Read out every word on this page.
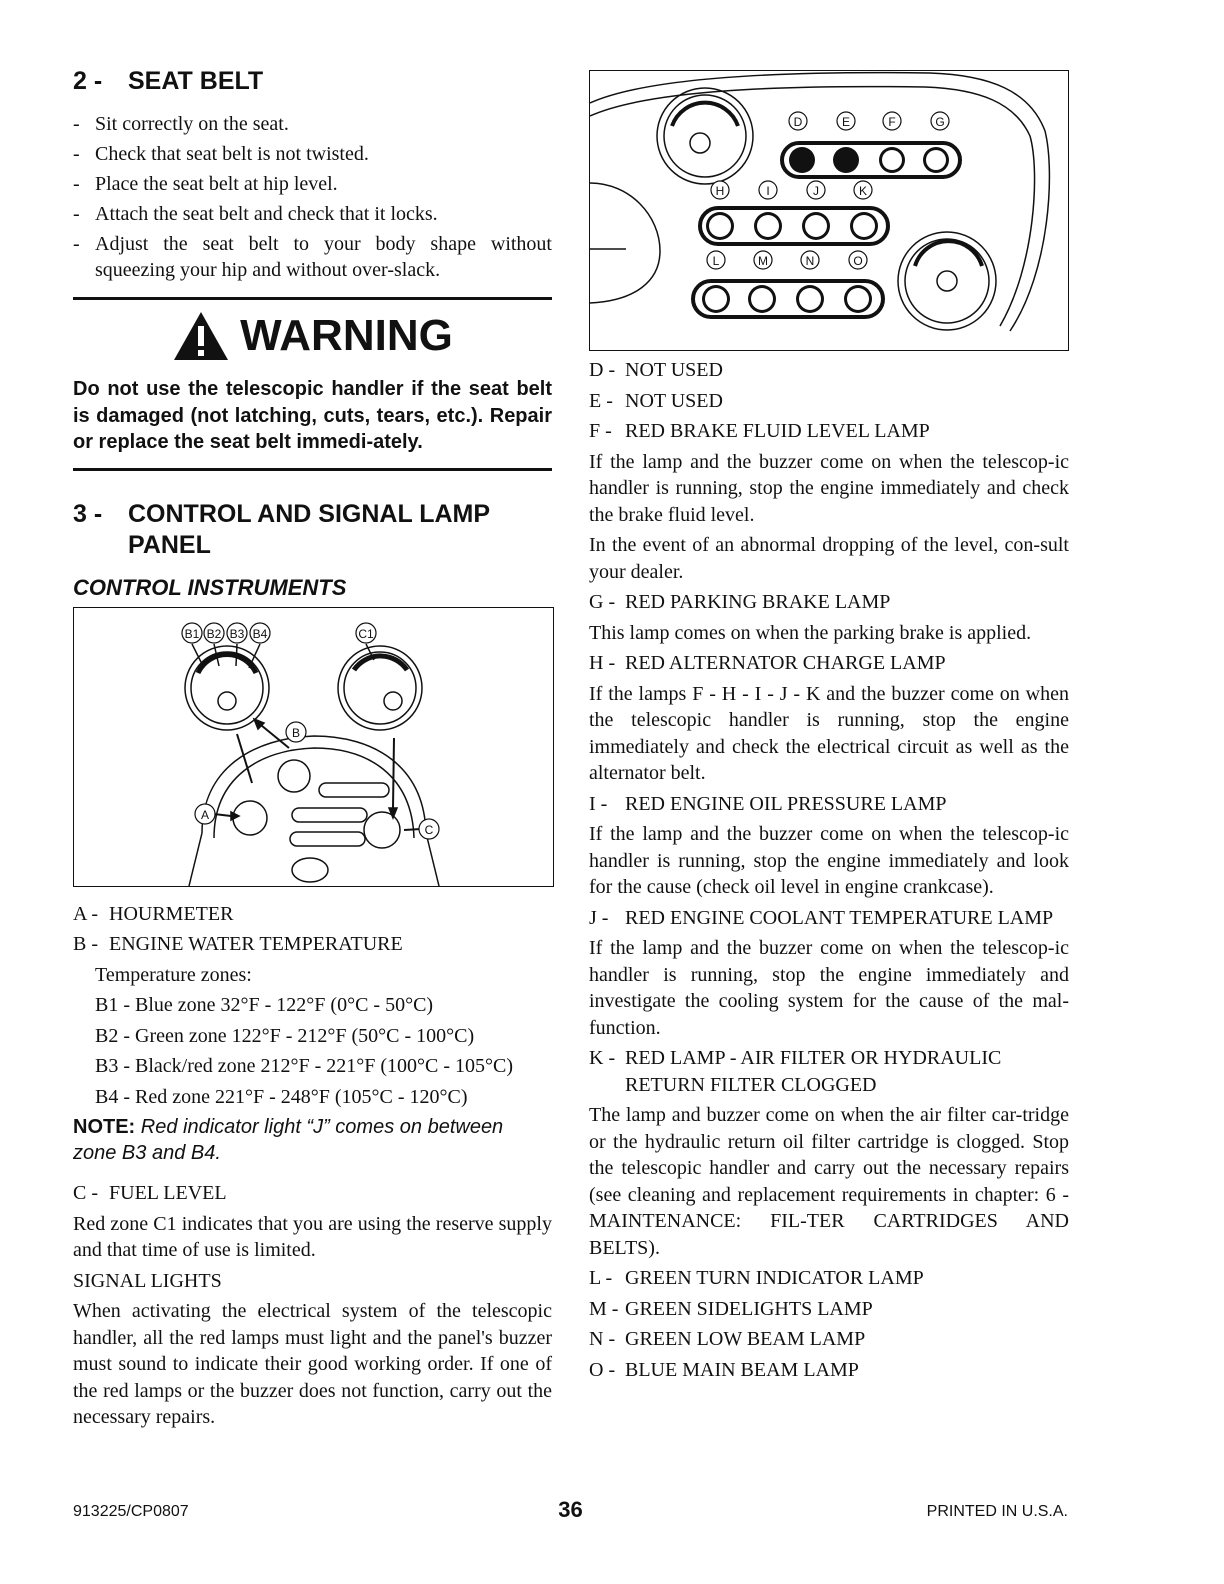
2 -	SEAT BELT
- Sit correctly on the seat.
- Check that seat belt is not twisted.
- Place the seat belt at hip level.
- Attach the seat belt and check that it locks.
- Adjust the seat belt to your body shape without squeezing your hip and without over-slack.
WARNING

Do not use the telescopic handler if the seat belt is damaged (not latching, cuts, tears, etc.). Repair or replace the seat belt immedi-ately.

3 -	CONTROL AND SIGNAL LAMP PANEL
CONTROL INSTRUMENTS
B1 B2 B3 B4	C1
B
A
C
A - HOURMETER
B - ENGINE WATER TEMPERATURE

Temperature zones:

B1 - Blue zone 32°F - 122°F (0°C - 50°C)

B2 - Green zone 122°F - 212°F (50°C - 100°C)

B3 - Black/red zone 212°F - 221°F (100°C - 105°C)

B4 - Red zone 221°F - 248°F (105°C - 120°C)

NOTE: Red indicator light “J” comes on between zone B3 and B4.

C - FUEL LEVEL

Red zone C1 indicates that you are using the reserve supply and that time of use is limited.

SIGNAL LIGHTS

When activating the electrical system of the telescopic handler, all the red lamps must light and the panel's buzzer must sound to indicate their good working order. If one of the red lamps or the buzzer does not function, carry out the necessary repairs.

D	E	F	G
H	I	J	K
L	M	N	O
D - NOT USED
E - NOT USED
F - RED BRAKE FLUID LEVEL LAMP

If the lamp and the buzzer come on when the telescop-ic handler is running, stop the engine immediately and check the brake fluid level.

In the event of an abnormal dropping of the level, con-sult your dealer.

G - RED PARKING BRAKE LAMP

This lamp comes on when the parking brake is applied.

H - RED ALTERNATOR CHARGE LAMP

If the lamps F - H - I - J - K and the buzzer come on when the telescopic handler is running, stop the engine immediately and check the electrical circuit as well as the alternator belt.

I - RED ENGINE OIL PRESSURE LAMP

If the lamp and the buzzer come on when the telescop-ic handler is running, stop the engine immediately and look for the cause (check oil level in engine crankcase).

J - RED ENGINE COOLANT TEMPERATURE LAMP

If the lamp and the buzzer come on when the telescop-ic handler is running, stop the engine immediately and investigate the cooling system for the cause of the mal-function.

K - RED LAMP - AIR FILTER OR HYDRAULIC RETURN FILTER CLOGGED

The lamp and buzzer come on when the air filter car-tridge or the hydraulic return oil filter cartridge is clogged. Stop the telescopic handler and carry out the necessary repairs (see cleaning and replacement requirements in chapter: 6 - MAINTENANCE: FIL-TER CARTRIDGES AND BELTS).

L - GREEN TURN INDICATOR LAMP
M - GREEN SIDELIGHTS LAMP
N - GREEN LOW BEAM LAMP
O - BLUE MAIN BEAM LAMP
913225/CP0807	36	PRINTED IN U.S.A.
